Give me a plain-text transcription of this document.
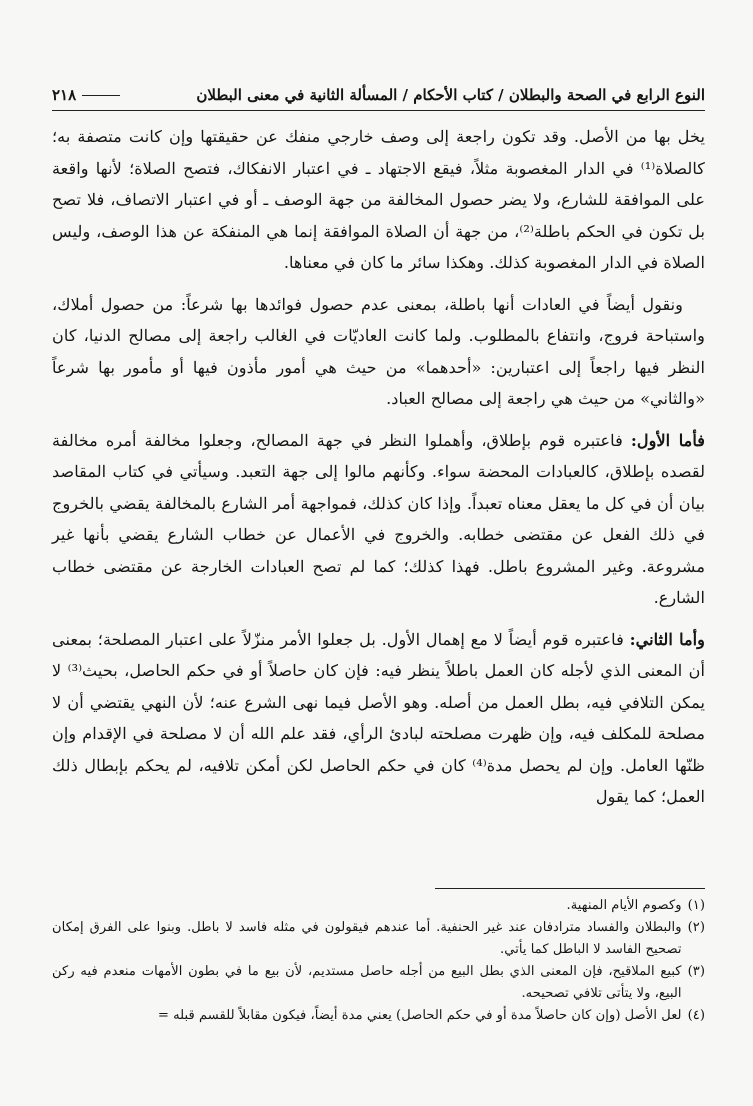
النوع الرابع في الصحة والبطلان / كتاب الأحكام / المسألة الثانية في معنى البطلان
٢١٨

يخل بها من الأصل. وقد تكون راجعة إلى وصف خارجي منفك عن حقيقتها وإن كانت متصفة به؛ كالصلاة⁽¹⁾ في الدار المغصوبة مثلاً، فيقع الاجتهاد ـ في اعتبار الانفكاك، فتصح الصلاة؛ لأنها واقعة على الموافقة للشارع، ولا يضر حصول المخالفة من جهة الوصف ـ أو في اعتبار الاتصاف، فلا تصح بل تكون في الحكم باطلة⁽²⁾، من جهة أن الصلاة الموافقة إنما هي المنفكة عن هذا الوصف، وليس الصلاة في الدار المغصوبة كذلك. وهكذا سائر ما كان في معناها.

ونقول أيضاً في العادات أنها باطلة، بمعنى عدم حصول فوائدها بها شرعاً: من حصول أملاك، واستباحة فروج، وانتفاع بالمطلوب. ولما كانت العاديّات في الغالب راجعة إلى مصالح الدنيا، كان النظر فيها راجعاً إلى اعتبارين: «أحدهما» من حيث هي أمور مأذون فيها أو مأمور بها شرعاً «والثاني» من حيث هي راجعة إلى مصالح العباد.

فأما الأول: فاعتبره قوم بإطلاق، وأهملوا النظر في جهة المصالح، وجعلوا مخالفة أمره مخالفة لقصده بإطلاق، كالعبادات المحضة سواء. وكأنهم مالوا إلى جهة التعبد. وسيأتي في كتاب المقاصد بيان أن في كل ما يعقل معناه تعبداً. وإذا كان كذلك، فمواجهة أمر الشارع بالمخالفة يقضي بالخروج في ذلك الفعل عن مقتضى خطابه. والخروج في الأعمال عن خطاب الشارع يقضي بأنها غير مشروعة. وغير المشروع باطل. فهذا كذلك؛ كما لم تصح العبادات الخارجة عن مقتضى خطاب الشارع.

وأما الثاني: فاعتبره قوم أيضاً لا مع إهمال الأول. بل جعلوا الأمر منزّلاً على اعتبار المصلحة؛ بمعنى أن المعنى الذي لأجله كان العمل باطلاً ينظر فيه: فإن كان حاصلاً أو في حكم الحاصل، بحيث⁽³⁾ لا يمكن التلافي فيه، بطل العمل من أصله. وهو الأصل فيما نهى الشرع عنه؛ لأن النهي يقتضي أن لا مصلحة للمكلف فيه، وإن ظهرت مصلحته لبادئ الرأي، فقد علم الله أن لا مصلحة في الإقدام وإن ظنّها العامل. وإن لم يحصل مدة⁽⁴⁾ كان في حكم الحاصل لكن أمكن تلافيه، لم يحكم بإبطال ذلك العمل؛ كما يقول

(١)
وكصوم الأيام المنهية.
(٢)
والبطلان والفساد مترادفان عند غير الحنفية. أما عندهم فيقولون في مثله فاسد لا باطل. وبنوا على الفرق إمكان تصحيح الفاسد لا الباطل كما يأتي.
(٣)
كبيع الملاقيح، فإن المعنى الذي بطل البيع من أجله حاصل مستديم، لأن بيع ما في بطون الأمهات منعدم فيه ركن البيع، ولا يتأتى تلافي تصحيحه.
(٤)
لعل الأصل (وإن كان حاصلاً مدة أو في حكم الحاصل) يعني مدة أيضاً، فيكون مقابلاً للقسم قبله =
